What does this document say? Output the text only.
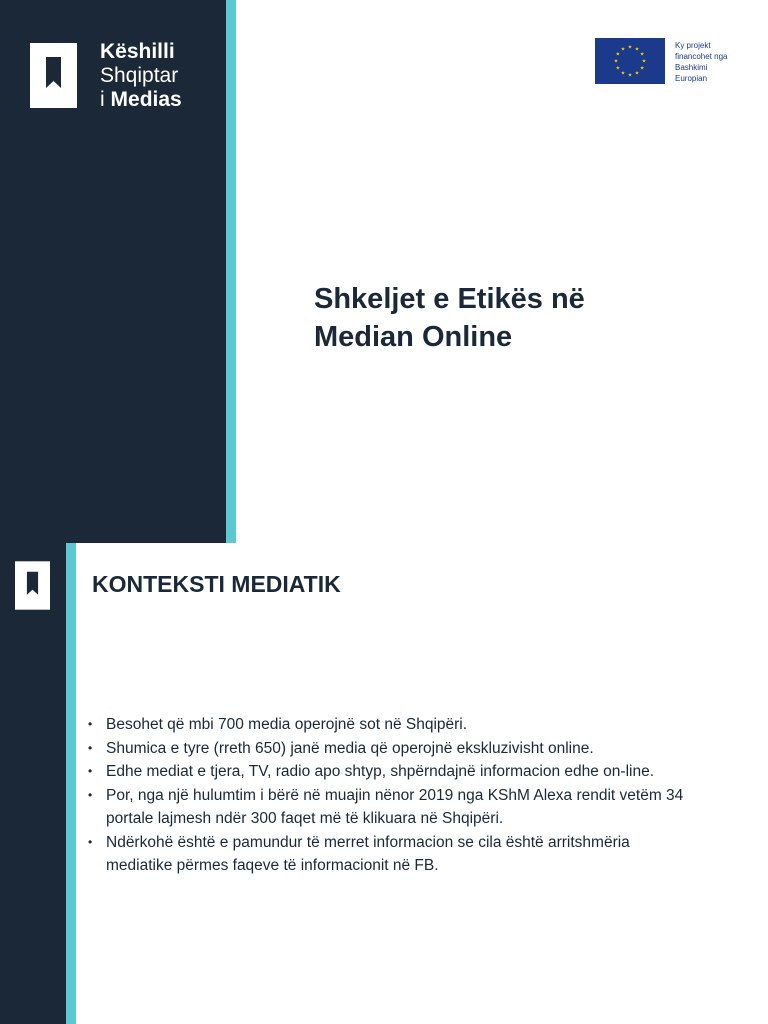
Këshilli
Shqiptar
i Medias
★ ★
★
★
★
★
★
★
★
★
★
★	Ky projekt
financohet nga
Bashkimi
Europian
Shkeljet e Etikës në
Median Online
KONTEKSTI MEDIATIK
• Besohet që mbi 700 media operojnë sot në Shqipëri.
• Shumica e tyre (rreth 650) janë media që operojnë ekskluzivisht online.
• Edhe mediat e tjera, TV, radio apo shtyp, shpërndajnë informacion edhe on-line.
• Por, nga një hulumtim i bërë në muajin nënor 2019 nga KShM Alexa rendit vetëm 34 portale lajmesh ndër 300 faqet më të klikuara në Shqipëri.
• Ndërkohë është e pamundur të merret informacion se cila është arritshmëria mediatike përmes faqeve të informacionit në FB.
